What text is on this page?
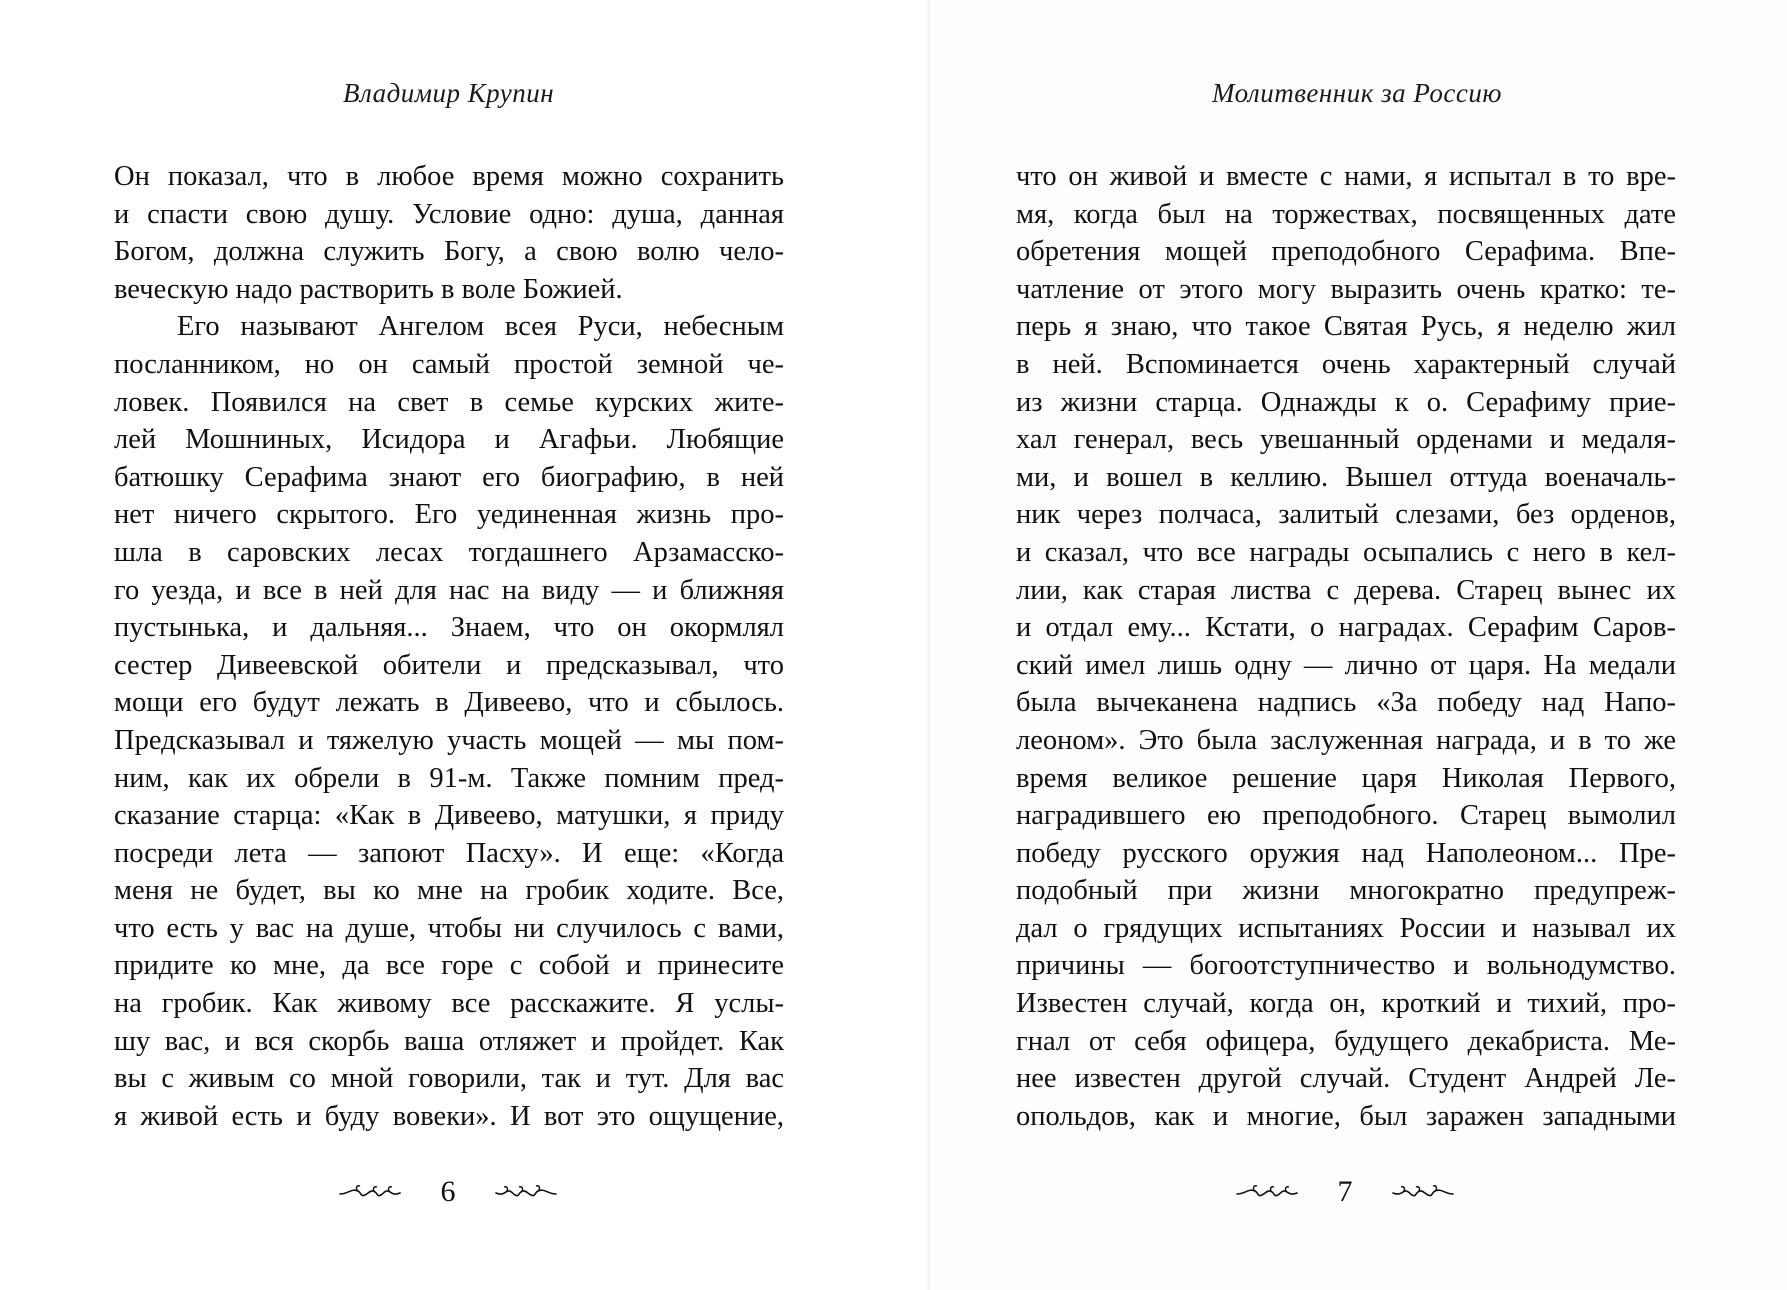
Владимир Крупин
Он показал, что в любое время можно сохранить
и спасти свою душу. Условие одно: душа, данная
Богом, должна служить Богу, а свою волю чело-
веческую надо растворить в воле Божией.
Его называют Ангелом всея Руси, небесным
посланником, но он самый простой земной че-
ловек. Появился на свет в семье курских жите-
лей Мошниных, Исидора и Агафьи. Любящие
батюшку Серафима знают его биографию, в ней
нет ничего скрытого. Его уединенная жизнь про-
шла в саровских лесах тогдашнего Арзамасско-
го уезда, и все в ней для нас на виду — и ближняя
пустынька, и дальняя... Знаем, что он окормлял
сестер Дивеевской обители и предсказывал, что
мощи его будут лежать в Дивеево, что и сбылось.
Предсказывал и тяжелую участь мощей — мы пом-
ним, как их обрели в 91-м. Также помним пред-
сказание старца: «Как в Дивеево, матушки, я приду
посреди лета — запоют Пасху». И еще: «Когда
меня не будет, вы ко мне на гробик ходите. Все,
что есть у вас на душе, чтобы ни случилось с вами,
придите ко мне, да все горе с собой и принесите
на гробик. Как живому все расскажите. Я услы-
шу вас, и вся скорбь ваша отляжет и пройдет. Как
вы с живым со мной говорили, так и тут. Для вас
я живой есть и буду вовеки». И вот это ощущение,
6
Молитвенник за Россию
что он живой и вместе с нами, я испытал в то вре-
мя, когда был на торжествах, посвященных дате
обретения мощей преподобного Серафима. Впе-
чатление от этого могу выразить очень кратко: те-
перь я знаю, что такое Святая Русь, я неделю жил
в ней. Вспоминается очень характерный случай
из жизни старца. Однажды к о. Серафиму прие-
хал генерал, весь увешанный орденами и медаля-
ми, и вошел в келлию. Вышел оттуда военачаль-
ник через полчаса, залитый слезами, без орденов,
и сказал, что все награды осыпались с него в кел-
лии, как старая листва с дерева. Старец вынес их
и отдал ему... Кстати, о наградах. Серафим Саров-
ский имел лишь одну — лично от царя. На медали
была вычеканена надпись «За победу над Напо-
леоном». Это была заслуженная награда, и в то же
время великое решение царя Николая Первого,
наградившего ею преподобного. Старец вымолил
победу русского оружия над Наполеоном... Пре-
подобный при жизни многократно предупреж-
дал о грядущих испытаниях России и называл их
причины — богоотступничество и вольнодумство.
Известен случай, когда он, кроткий и тихий, про-
гнал от себя офицера, будущего декабриста. Ме-
нее известен другой случай. Студент Андрей Ле-
опольдов, как и многие, был заражен западными
7
